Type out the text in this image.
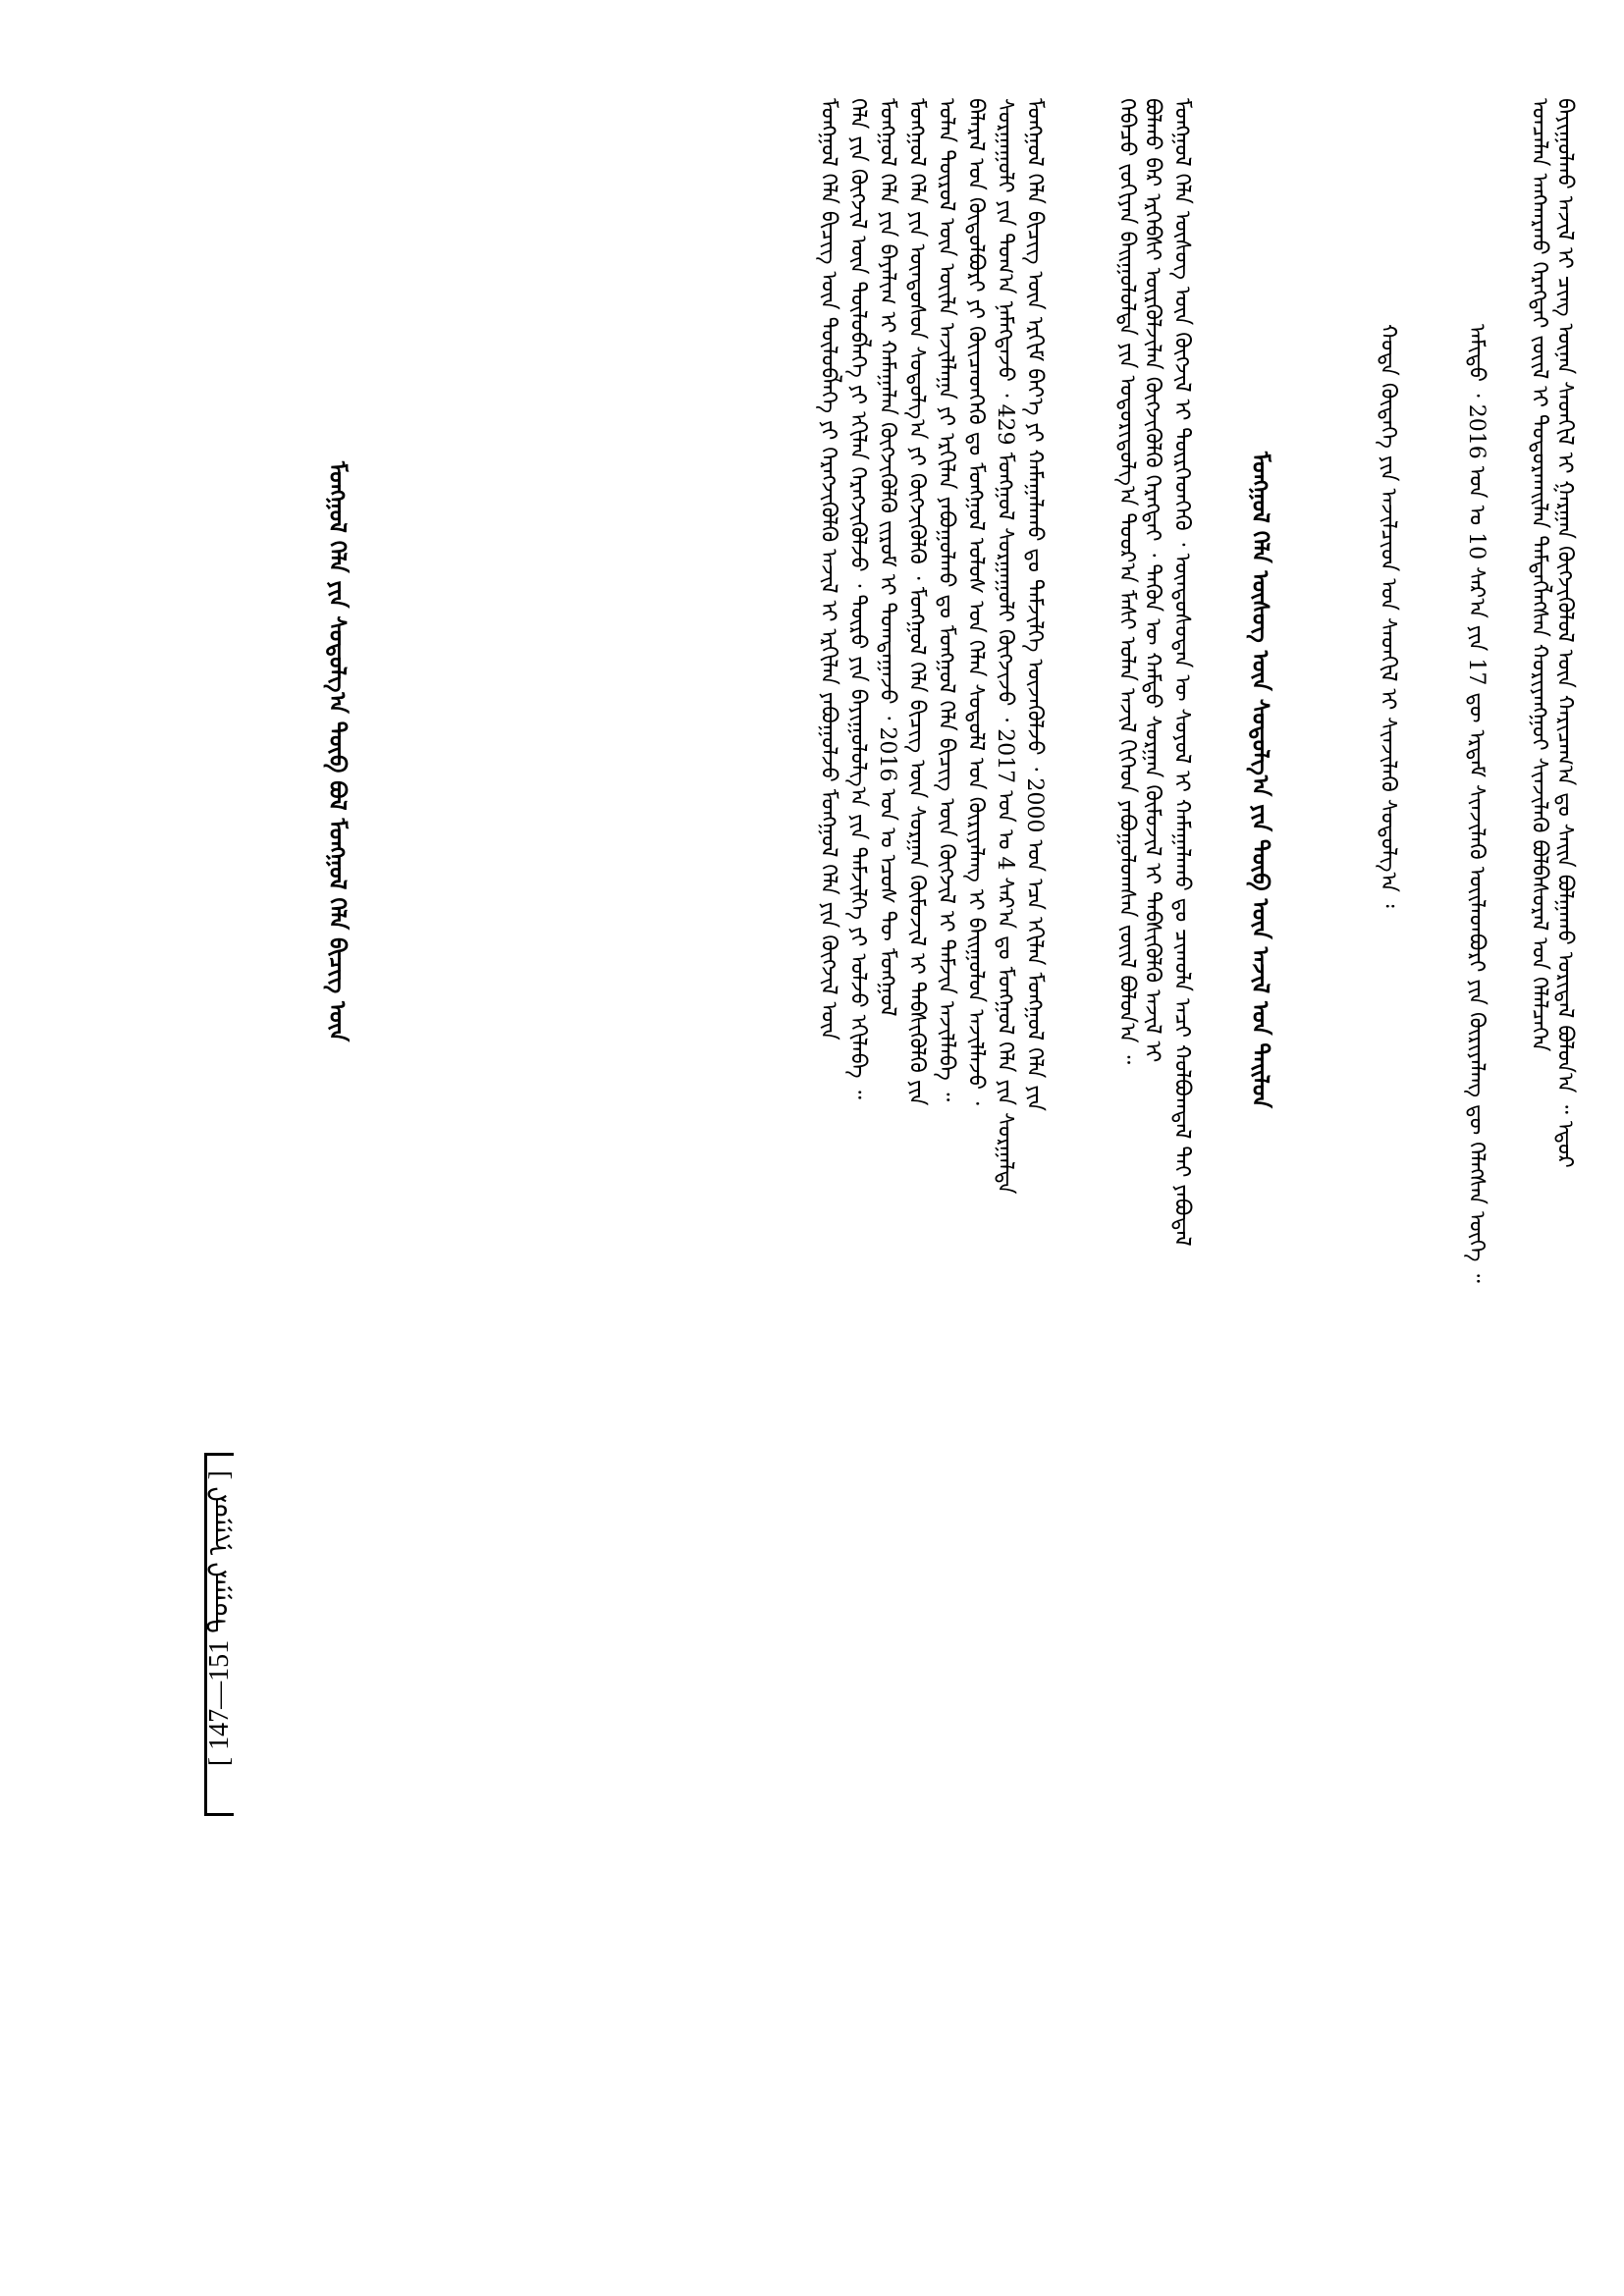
ᠪᠠᠶᠢᠭᠤᠯᠬᠤ ᠠᠵᠢᠯ ᠢ ᠴᠢᠩ ᠦᠨᠡᠨ ᠰᠡᠳᠬᠢᠯ ᠢ ᠭᠠᠷᠭᠠᠨ ᠬᠥᠭᠵᠢᠭᠦᠯᠦᠯ ᠦᠨ ᠬᠠᠷᠢᠴᠠᠭ᠎ᠠ ᠳᠤ ᠰᠠᠢᠨ ᠪᠤᠯᠭᠠᠬᠤ ᠤᠷᠢᠳᠠᠯ ᠪᠤᠯᠤᠨ᠎ᠠ ᠃ ᠡᠳᠦᠷ
ᠣᠨᠴᠠᠯᠠᠨ ᠠᠩᠬᠠᠷᠬᠤ ᠬᠡᠷᠡᠭᠲᠡᠢ ᠵᠦᠢᠯ ᠢ ᠲᠣᠳᠣᠷᠬᠠᠢᠯᠠᠨ ᠲᠡᠮᠳᠡᠭᠯᠡᠭᠰᠡᠨ ᠬᠣᠷᠢᠶᠠᠩᠭᠤᠢ ᠰᠢᠨᠵᠢᠯᠡᠬᠦ ᠪᠣᠯᠪᠠᠰᠤᠷᠠᠯ ᠤᠨ ᠬᠡᠯᠡᠯᠴᠡᠭᠡᠨ
ᠠᠮᠢᠳᠤ ᠂ 2016 ᠣᠨ ᠤ 10 ᠰᠠᠷ᠎ᠠ ᠶᠢᠨ 17 ᠳᠦ ᠡᠷᠳᠡᠮ ᠰᠢᠨᠵᠢᠯᠡᠬᠦ ᠦᠢᠯᠡᠳᠪᠦᠷᠢ ᠶᠢᠨ ᠬᠦᠷᠢᠶᠡᠯᠡᠩ ᠳᠦ ᠬᠡᠯᠡᠭᠰᠡᠨ ᠦᠭᠡ ᠃
ᠬᠣᠳᠠ ᠬᠦᠳᠡᠭᠡ ᠶᠢᠨ ᠠᠵᠢᠯᠴᠢᠳ ᠤᠨ ᠰᠡᠳᠬᠢᠯ ᠢ ᠰᠢᠨᠵᠢᠯᠡᠬᠦ ᠰᠤᠳᠤᠯᠭ᠎ᠠ ᠄
ᠮᠣᠩᠭᠣᠯ ᠬᠡᠯᠡ ᠦᠰᠦᠭ ᠦᠨ ᠰᠤᠳᠤᠯᠭ᠎ᠠ ᠶᠢᠨ ᠲᠥᠪ ᠦᠨ ᠠᠵᠢᠯ ᠤᠨ ᠲᠠᠢᠯᠤᠨ
ᠮᠣᠩᠭᠣᠯ ᠬᠡᠯᠡ ᠦᠰᠦᠭ ᠦᠨ ᠬᠥᠭᠵᠢᠯ ᠢ ᠲᠦᠷᠭᠡᠳᠭᠡᠬᠦ ᠂ ᠦᠨᠳᠦᠰᠦᠲᠡᠨ ᠦ ᠰᠣᠶᠣᠯ ᠢ ᠬᠠᠮᠠᠭᠠᠯᠠᠬᠤ ᠳᠤ ᠴᠢᠬᠤᠯᠠ ᠠᠴᠢ ᠬᠣᠯᠪᠣᠭᠳᠠᠯ ᠲᠠᠢ ᠶᠠᠪᠤᠳᠠᠯ
ᠪᠣᠯᠬᠤ ᠪᠠᠷ ᠡᠷᠬᠡᠪᠰᠢ ᠦᠷᠭᠦᠯᠵᠢᠯᠡᠨ ᠬᠥᠭᠵᠢᠭᠦᠯᠬᠦ ᠬᠡᠷᠡᠭᠲᠡᠢ ᠂ ᠲᠡᠭᠦᠨ ᠦ ᠬᠠᠮᠲᠤ ᠰᠤᠷᠭᠠᠨ ᠬᠥᠮᠦᠵᠢᠯ ᠢ ᠳᠡᠪᠰᠢᠭᠦᠯᠬᠦ ᠠᠵᠢᠯ ᠢ
ᠭᠡᠪᠡᠴᠦ ᠵᠣᠬᠢᠶᠠᠨ ᠪᠠᠢᠭᠤᠯᠤᠯᠲᠠ ᠶᠢᠨ ᠤᠳᠤᠷᠢᠳᠤᠯᠭ᠎ᠠ ᠳᠣᠣᠷ᠎ᠠ ᠮᠠᠰᠢ ᠣᠯᠠᠨ ᠠᠵᠢᠯ ᠬᠢᠭᠡᠳ ᠶᠠᠪᠤᠭᠤᠯᠤᠭᠰᠠᠨ ᠵᠦᠢᠯ ᠪᠣᠯᠤᠨ᠎ᠠ ᠃
ᠮᠣᠩᠭᠣᠯ ᠬᠡᠯᠡ ᠪᠢᠴᠢᠭ ᠦᠨ ᠡᠷᠬᠢᠮ ᠪᠡᠶ᠎ᠡ ᠶᠢ ᠬᠠᠮᠠᠭᠠᠯᠠᠬᠤ ᠳᠤ ᠳᠡᠮᠵᠢᠯᠭᠡ ᠦᠵᠡᠭᠦᠯᠵᠦ ᠂ 2000 ᠣᠨ ᠡᠴᠡ ᠡᠬᠢᠯᠡᠨ ᠮᠣᠩᠭᠣᠯ ᠬᠡᠯᠡ ᠶᠢᠨ
ᠰᠤᠷᠭᠠᠭᠤᠯᠢ ᠶᠢᠨ ᠲᠣᠭ᠎ᠠ ᠨᠡᠮᠡᠭᠳᠡᠵᠦ ᠂ 429 ᠮᠣᠩᠭᠣᠯ ᠰᠤᠷᠭᠠᠭᠤᠯᠢ ᠬᠥᠭᠵᠢᠵᠦ ᠂ 2017 ᠣᠨ ᠤ 4 ᠰᠠᠷ᠎ᠠ ᠳᠤ ᠮᠣᠩᠭᠣᠯ ᠬᠡᠯᠡ ᠶᠢᠨ ᠰᠤᠷᠭᠠᠯᠲᠠ
ᠪᠠᠯᠠᠷᠠᠯ ᠤᠨ ᠬᠥᠲᠦᠯᠪᠦᠷᠢ ᠶᠢ ᠭᠦᠢᠴᠡᠳᠭᠡᠬᠦ ᠳᠤ ᠮᠣᠩᠭᠣᠯ ᠤᠯᠤᠰ ᠤᠨ ᠬᠡᠯᠡᠨ ᠰᠤᠳᠤᠯᠯ ᠤᠨ ᠬᠦᠷᠢᠶᠡᠯᠡᠩ ᠢ ᠪᠠᠢᠭᠤᠯᠤᠨ ᠠᠵᠢᠯᠯᠠᠵᠤ ᠂
ᠣᠯᠠᠨ ᠲᠥᠷᠦᠯ ᠦᠨ ᠦᠢᠯᠡ ᠠᠵᠢᠯᠯᠠᠭᠠ ᠶᠢ ᠡᠷᠬᠢᠯᠡᠨ ᠶᠠᠪᠤᠭᠤᠯᠬᠤ ᠳᠤ ᠮᠣᠩᠭᠣᠯ ᠬᠡᠯᠡ ᠪᠢᠴᠢᠭ ᠦᠨ ᠬᠥᠭᠵᠢᠯ ᠢ ᠳᠡᠮᠵᠢᠨ ᠠᠵᠢᠯᠯᠠᠪᠠ ᠃
ᠮᠣᠩᠭᠣᠯ ᠬᠡᠯᠡ ᠶᠢᠨ ᠦᠨᠳᠦᠰᠦᠨ ᠰᠤᠳᠤᠯᠭ᠎ᠠ ᠶᠢ ᠬᠥᠭᠵᠢᠭᠦᠯᠬᠦ ᠂ ᠮᠣᠩᠭᠣᠯ ᠬᠡᠯᠡ ᠪᠢᠴᠢᠭ ᠦᠨ ᠰᠤᠷᠭᠠᠨ ᠬᠥᠮᠦᠵᠢᠯ ᠢ ᠳᠡᠪᠰᠢᠭᠦᠯᠬᠦ ᠶᠢᠨ
ᠮᠣᠩᠭᠣᠯ ᠬᠡᠯᠡ ᠶᠢᠨ ᠪᠠᠶᠠᠯᠢᠭ ᠢ ᠬᠠᠮᠠᠭᠠᠯᠠᠨ ᠬᠥᠭᠵᠢᠭᠦᠯᠬᠦ ᠵᠢᠷᠤᠮ ᠢ ᠲᠣᠭᠲᠠᠭᠠᠵᠤ ᠂ 2016 ᠣᠨ ᠤ ᠡᠴᠦᠰ ᠲᠦ ᠮᠣᠩᠭᠣᠯ
ᠬᠡᠯᠡ ᠶᠢᠨ ᠬᠥᠭᠵᠢᠯ ᠦᠨ ᠲᠥᠯᠥᠪᠯᠡᠭᠡ ᠶᠢ ᠡᠬᠢᠯᠡᠨ ᠬᠡᠷᠡᠭᠵᠢᠭᠦᠯᠵᠦ ᠂ ᠲᠥᠷᠦ ᠶᠢᠨ ᠪᠠᠶᠢᠭᠤᠯᠤᠯᠭ᠎ᠠ ᠶᠢᠨ ᠳᠡᠮᠵᠢᠯᠭᠡ ᠶᠢ ᠣᠯᠵᠤ ᠡᠬᠢᠯᠡᠪᠡ ᠃
ᠮᠣᠩᠭᠣᠯ ᠬᠡᠯᠡ ᠪᠢᠴᠢᠭ ᠦᠨ ᠲᠥᠯᠥᠪᠯᠡᠭᠡ ᠶᠢ ᠬᠡᠷᠡᠭᠵᠢᠭᠦᠯᠬᠦ ᠠᠵᠢᠯ ᠢ ᠡᠷᠬᠢᠯᠡᠨ ᠶᠠᠪᠤᠭᠤᠯᠵᠤ ᠮᠣᠩᠭᠣᠯ ᠬᠡᠯᠡ ᠶᠢᠨ ᠬᠥᠭᠵᠢᠯ ᠦᠨ
ᠮᠣᠩᠭᠣᠯ ᠬᠡᠯᠡ ᠶᠢᠨ ᠰᠤᠳᠤᠯᠭ᠎ᠠ ᠲᠦᠪ ᠪᠣᠯ ᠮᠣᠩᠭᠣᠯ ᠬᠡᠯᠡ ᠪᠢᠴᠢᠭ ᠦᠨ
[ 147—151 ᠳᠤᠭᠠᠷ ᠨᠢᠭᠤᠷ ]
